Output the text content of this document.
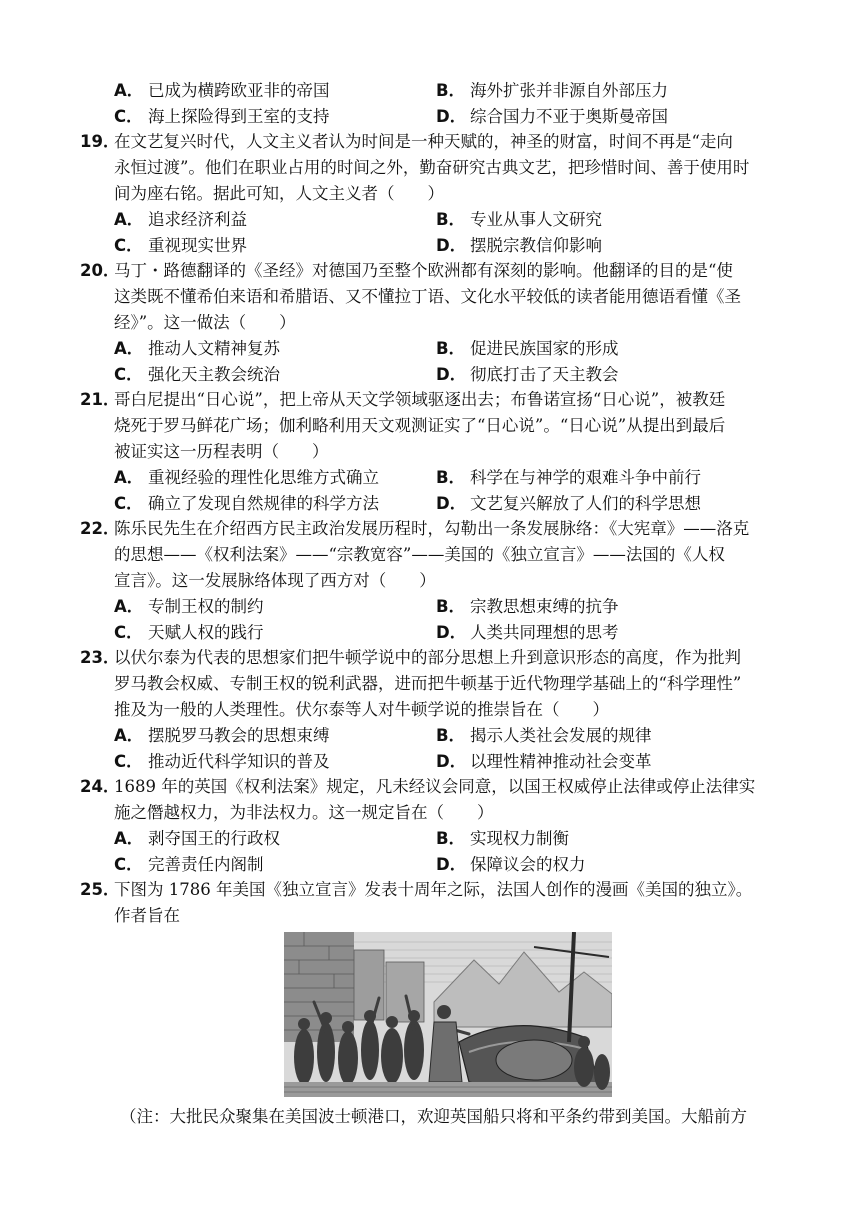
A． 已成为横跨欧亚非的帝国	B． 海外扩张并非源自外部压力
C． 海上探险得到王室的支持	D． 综合国力不亚于奥斯曼帝国
19．
在文艺复兴时代，人文主义者认为时间是一种天赋的，神圣的财富，时间不再是“走向
永恒过渡”。他们在职业占用的时间之外，勤奋研究古典文艺，把珍惜时间、善于使用时
间为座右铭。据此可知，人文主义者（　　）
A． 追求经济利益	B． 专业从事人文研究
C． 重视现实世界	D． 摆脱宗教信仰影响
20．
马丁・路德翻译的《圣经》对德国乃至整个欧洲都有深刻的影响。他翻译的目的是“使
这类既不懂希伯来语和希腊语、又不懂拉丁语、文化水平较低的读者能用德语看懂《圣
经》”。这一做法（　　）
A． 推动人文精神复苏	B． 促进民族国家的形成
C． 强化天主教会统治	D． 彻底打击了天主教会
21．
哥白尼提出“日心说”，把上帝从天文学领域驱逐出去；布鲁诺宣扬“日心说”，被教廷
烧死于罗马鲜花广场；伽利略利用天文观测证实了“日心说”。“日心说”从提出到最后
被证实这一历程表明（　　）
A． 重视经验的理性化思维方式确立	B． 科学在与神学的艰难斗争中前行
C． 确立了发现自然规律的科学方法	D． 文艺复兴解放了人们的科学思想
22．
陈乐民先生在介绍西方民主政治发展历程时，勾勒出一条发展脉络：《大宪章》——洛克
的思想——《权利法案》——“宗教宽容”——美国的《独立宣言》——法国的《人权
宣言》。这一发展脉络体现了西方对（　　）
A． 专制王权的制约	B． 宗教思想束缚的抗争
C． 天赋人权的践行	D． 人类共同理想的思考
23．
以伏尔泰为代表的思想家们把牛顿学说中的部分思想上升到意识形态的高度，作为批判
罗马教会权威、专制王权的锐利武器，进而把牛顿基于近代物理学基础上的“科学理性”
推及为一般的人类理性。伏尔泰等人对牛顿学说的推崇旨在（　　）
A． 摆脱罗马教会的思想束缚	B． 揭示人类社会发展的规律
C． 推动近代科学知识的普及	D． 以理性精神推动社会变革
24．
1689 年的英国《权利法案》规定，凡未经议会同意，以国王权威停止法律或停止法律实
施之僭越权力，为非法权力。这一规定旨在（　　）
A． 剥夺国王的行政权	B． 实现权力制衡
C． 完善责任内阁制	D． 保障议会的权力
25．
下图为 1786 年美国《独立宣言》发表十周年之际，法国人创作的漫画《美国的独立》。
作者旨在
（注：大批民众聚集在美国波士顿港口，欢迎英国船只将和平条约带到美国。大船前方
